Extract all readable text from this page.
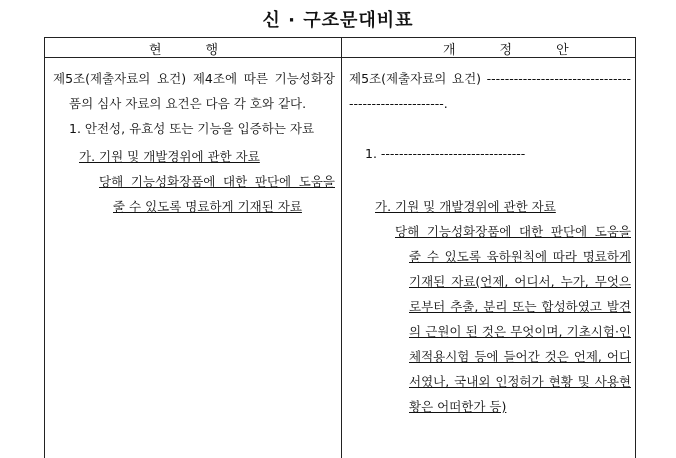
신 · 구조문대비표
현행	개정안

제5조(제출자료의 요건) 제4조에 따른 기능성화장품의 심사 자료의 요건은 다음 각 호와 같다.

1. 안전성, 유효성 또는 기능을 입증하는 자료

가. 기원 및 개발경위에 관한 자료

당해 기능성화장품에 대한 판단에 도움을 줄 수 있도록 명료하게 기재된 자료

제5조(제출자료의 요건) -----------------------------------------------------.

1. --------------------------------

가. 기원 및 개발경위에 관한 자료

당해 기능성화장품에 대한 판단에 도움을 줄 수 있도록 육하원칙에 따라 명료하게 기재된 자료(언제, 어디서, 누가, 무엇으로부터 추출, 분리 또는 합성하였고 발견의 근원이 된 것은 무엇이며, 기초시험·인체적용시험 등에 들어간 것은 언제, 어디서였나, 국내외 인정허가 현황 및 사용현황은 어떠한가 등)
